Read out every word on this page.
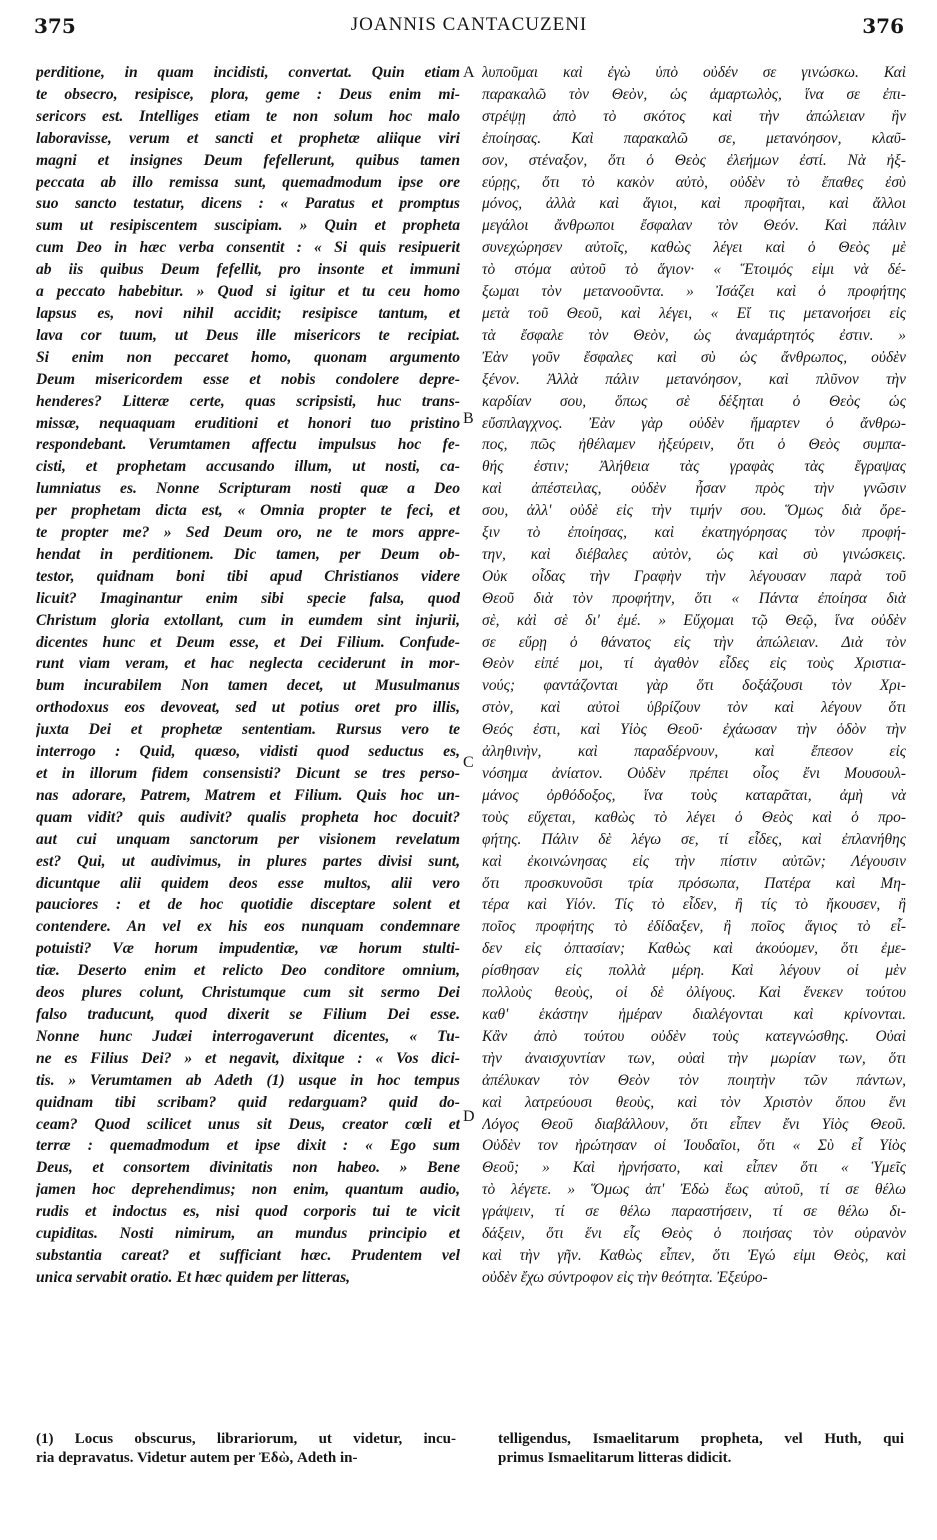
375	JOANNIS CANTACUZENI	376
perditione, in quam incidisti, convertat. Quin etiam
te obsecro, resipisce, plora, geme : Deus enim mi-
sericors est. Intelliges etiam te non solum hoc malo
laboravisse, verum et sancti et prophetæ aliique viri
magni et insignes Deum fefellerunt, quibus tamen
peccata ab illo remissa sunt, quemadmodum ipse ore
suo sancto testatur, dicens : « Paratus et promptus
sum ut resipiscentem suscipiam. » Quin et propheta
cum Deo in hæc verba consentit : « Si quis resipuerit
ab iis quibus Deum fefellit, pro insonte et immuni
a peccato habebitur. » Quod si igitur et tu ceu homo
lapsus es, novi nihil accidit; resipisce tantum, et
lava cor tuum, ut Deus ille misericors te recipiat.
Si enim non peccaret homo, quonam argumento
Deum misericordem esse et nobis condolere depre-
henderes? Litteræ certe, quas scripsisti, huc trans-
missæ, nequaquam eruditioni et honori tuo pristino
respondebant. Verumtamen affectu impulsus hoc fe-
cisti, et prophetam accusando illum, ut nosti, ca-
lumniatus es. Nonne Scripturam nosti quæ a Deo
per prophetam dicta est, « Omnia propter te feci, et
te propter me? » Sed Deum oro, ne te mors appre-
hendat in perditionem. Dic tamen, per Deum ob-
testor, quidnam boni tibi apud Christianos videre
licuit? Imaginantur enim sibi specie falsa, quod
Christum gloria extollant, cum in eumdem sint injurii,
dicentes hunc et Deum esse, et Dei Filium. Confude-
runt viam veram, et hac neglecta ceciderunt in mor-
bum incurabilem Non tamen decet, ut Musulmanus
orthodoxus eos devoveat, sed ut potius oret pro illis,
juxta Dei et prophetæ sententiam. Rursus vero te
interrogo : Quid, quæso, vidisti quod seductus es,
et in illorum fidem consensisti? Dicunt se tres perso-
nas adorare, Patrem, Matrem et Filium. Quis hoc un-
quam vidit? quis audivit? qualis propheta hoc docuit?
aut cui unquam sanctorum per visionem revelatum
est? Qui, ut audivimus, in plures partes divisi sunt,
dicuntque alii quidem deos esse multos, alii vero
pauciores : et de hoc quotidie disceptare solent et
contendere. An vel ex his eos nunquam condemnare
potuisti? Væ horum impudentiæ, væ horum stulti-
tiæ. Deserto enim et relicto Deo conditore omnium,
deos plures colunt, Christumque cum sit sermo Dei
falso traducunt, quod dixerit se Filium Dei esse.
Nonne hunc Judæi interrogaverunt dicentes, « Tu-
ne es Filius Dei? » et negavit, dixitque : « Vos dici-
tis. » Verumtamen ab Adeth (1) usque in hoc tempus
quidnam tibi scribam? quid redarguam? quid do-
ceam? Quod scilicet unus sit Deus, creator cœli et
terræ : quemadmodum et ipse dixit : « Ego sum
Deus, et consortem divinitatis non habeo. » Bene
jamen hoc deprehendimus; non enim, quantum audio,
rudis et indoctus es, nisi quod corporis tui te vicit
cupiditas. Nosti nimirum, an mundus principio et
substantia careat? et sufficiant hæc. Prudentem vel
unica servabit oratio. Et hæc quidem per litteras,
λυποῦμαι καὶ ἐγὼ ὑπὸ οὐδέν σε γινώσκω. Καὶ
παρακαλῶ τὸν Θεὸν, ὡς ἁμαρτωλὸς, ἵνα σε ἐπι-
στρέψῃ ἀπὸ τὸ σκότος καὶ τὴν ἀπώλειαν ἣν
ἐποίησας. Καὶ παρακαλῶ σε, μετανόησον, κλαῦ-
σον, στέναξον, ὅτι ὁ Θεὸς ἐλεήμων ἐστί. Νὰ ἠξ-
εύρῃς, ὅτι τὸ κακὸν αὐτὸ, οὐδὲν τὸ ἔπαθες ἐσὺ
μόνος, ἀλλὰ καὶ ἅγιοι, καὶ προφῆται, καὶ ἄλλοι
μεγάλοι ἄνθρωποι ἔσφαλαν τὸν Θεόν. Καὶ πάλιν
συνεχώρησεν αὐτοῖς, καθὼς λέγει καὶ ὁ Θεὸς μὲ
τὸ στόμα αὐτοῦ τὸ ἅγιον· « Ἕτοιμός εἰμι νὰ δέ-
ξωμαι τὸν μετανοοῦντα. » Ἰσάζει καὶ ὁ προφήτης
μετὰ τοῦ Θεοῦ, καὶ λέγει, « Εἴ τις μετανοήσει εἰς
τὰ ἔσφαλε τὸν Θεὸν, ὡς ἀναμάρτητός ἐστιν. »
Ἐὰν γοῦν ἔσφαλες καὶ σὺ ὡς ἄνθρωπος, οὐδὲν
ξένον. Ἀλλὰ πάλιν μετανόησον, καὶ πλῦνον τὴν
καρδίαν σου, ὅπως σὲ δέξηται ὁ Θεὸς ὡς
εὔσπλαγχνος. Ἐὰν γὰρ οὐδὲν ἥμαρτεν ὁ ἄνθρω-
πος, πῶς ἠθέλαμεν ἠξεύρειν, ὅτι ὁ Θεὸς συμπα-
θής ἐστιν; Ἀλήθεια τὰς γραφὰς τὰς ἔγραψας
καὶ ἀπέστειλας, οὐδὲν ἦσαν πρὸς τὴν γνῶσιν
σου, ἀλλ' οὐδὲ εἰς τὴν τιμήν σου. Ὅμως διὰ ὄρε-
ξιν τὸ ἐποίησας, καὶ ἐκατηγόρησας τὸν προφή-
την, καὶ διέβαλες αὐτὸν, ὡς καὶ σὺ γινώσκεις.
Οὐκ οἶδας τὴν Γραφὴν τὴν λέγουσαν παρὰ τοῦ
Θεοῦ διὰ τὸν προφήτην, ὅτι « Πάντα ἐποίησα διὰ
σὲ, κἀὶ σὲ δι' ἐμέ. » Εὔχομαι τῷ Θεῷ, ἵνα οὐδὲν
σε εὕρῃ ὁ θάνατος εἰς τὴν ἀπώλειαν. Διὰ τὸν
Θεὸν εἰπέ μοι, τί ἀγαθὸν εἶδες εἰς τοὺς Χριστια-
νούς; φαντάζονται γὰρ ὅτι δοξάζουσι τὸν Χρι-
στὸν, καὶ αὐτοὶ ὑβρίζουν τὸν καὶ λέγουν ὅτι
Θεός ἐστι, καὶ Υἱὸς Θεοῦ· ἐχάωσαν τὴν ὁδὸν τὴν
ἀληθινὴν, καὶ παραδέρνουν, καὶ ἔπεσον εἰς
νόσημα ἀνίατον. Οὐδὲν πρέπει οἷος ἔνι Μουσουλ-
μάνος ὀρθόδοξος, ἵνα τοὺς καταρᾶται, ἀμὴ νὰ
τοὺς εὔχεται, καθὼς τὸ λέγει ὁ Θεὸς καὶ ὁ προ-
φήτης. Πάλιν δὲ λέγω σε, τί εἶδες, καὶ ἐπλανήθης
καὶ ἐκοινώνησας εἰς τὴν πίστιν αὐτῶν; Λέγουσιν
ὅτι προσκυνοῦσι τρία πρόσωπα, Πατέρα καὶ Μη-
τέρα καὶ Υἱόν. Τίς τὸ εἶδεν, ἢ τίς τὸ ἤκουσεν, ἢ
ποῖος προφήτης τὸ ἐδίδαξεν, ἢ ποῖος ἅγιος τὸ εἶ-
δεν εἰς ὀπτασίαν; Καθὼς καὶ ἀκούομεν, ὅτι ἐμε-
ρίσθησαν εἰς πολλὰ μέρη. Καὶ λέγουν οἱ μὲν
πολλοὺς θεοὺς, οἱ δὲ ὀλίγους. Καὶ ἕνεκεν τούτου
καθ' ἑκάστην ἡμέραν διαλέγονται καὶ κρίνονται.
Κἂν ἀπὸ τούτου οὐδὲν τοὺς κατεγνώσθης. Οὐαὶ
τὴν ἀναισχυντίαν των, οὐαὶ τὴν μωρίαν των, ὅτι
ἀπέλυκαν τὸν Θεὸν τὸν ποιητὴν τῶν πάντων,
καὶ λατρεύουσι θεοὺς, καὶ τὸν Χριστὸν ὅπου ἔνι
Λόγος Θεοῦ διαβάλλουν, ὅτι εἶπεν ἔνι Υἱὸς Θεοῦ.
Οὐδὲν τον ἠρώτησαν οἱ Ἰουδαῖοι, ὅτι « Σὺ εἶ Υἱὸς
Θεοῦ; » Καὶ ἠρνήσατο, καὶ εἶπεν ὅτι « Ὑμεῖς
τὸ λέγετε. » Ὅμως ἀπ' Ἐδὼ ἕως αὐτοῦ, τί σε θέλω
γράψειν, τί σε θέλω παραστήσειν, τί σε θέλω δι-
δάξειν, ὅτι ἕνι εἷς Θεὸς ὁ ποιήσας τὸν οὐρανὸν
καὶ τὴν γῆν. Καθὼς εἶπεν, ὅτι Ἐγώ εἰμι Θεὸς, καὶ
οὐδὲν ἔχω σύντροφον εἰς τὴν θεότητα. Ἐξεύρο-
A
B
C
D
(1) Locus obscurus, librariorum, ut videtur, incu-
ria depravatus. Videtur autem per Ἐδὼ, Adeth in-
telligendus, Ismaelitarum propheta, vel Huth, qui
primus Ismaelitarum litteras didicit.
